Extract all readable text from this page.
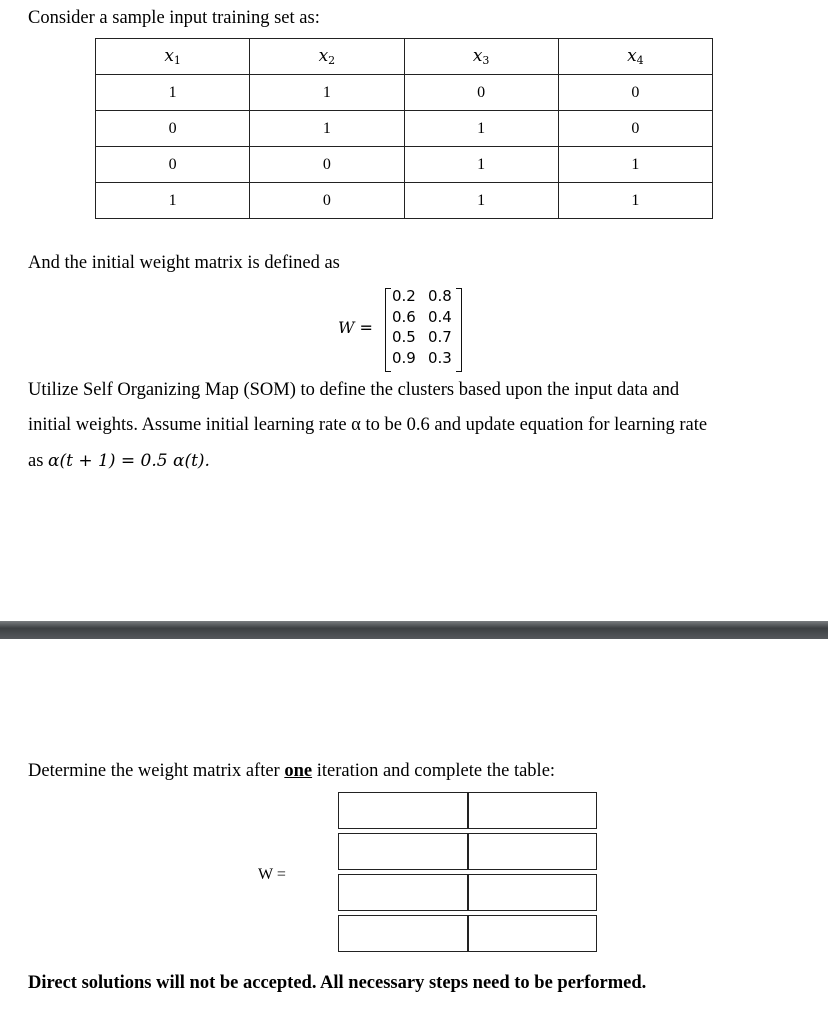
Consider a sample input training set as:
$x_1$	$x_2$	$x_3$	$x_4$
1	1	0	0
0	1	1	0
0	0	1	1
1	0	1	1
And the initial weight matrix is defined as
W =
0.2 0.8
0.6 0.4
0.5 0.7
0.9 0.3
Utilize Self Organizing Map (SOM) to define the clusters based upon the input data and
initial weights. Assume initial learning rate α to be 0.6 and update equation for learning rate
as α(t + 1) = 0.5 α(t).
Determine the weight matrix after one iteration and complete the table:
W =

Direct solutions will not be accepted. All necessary steps need to be performed.
